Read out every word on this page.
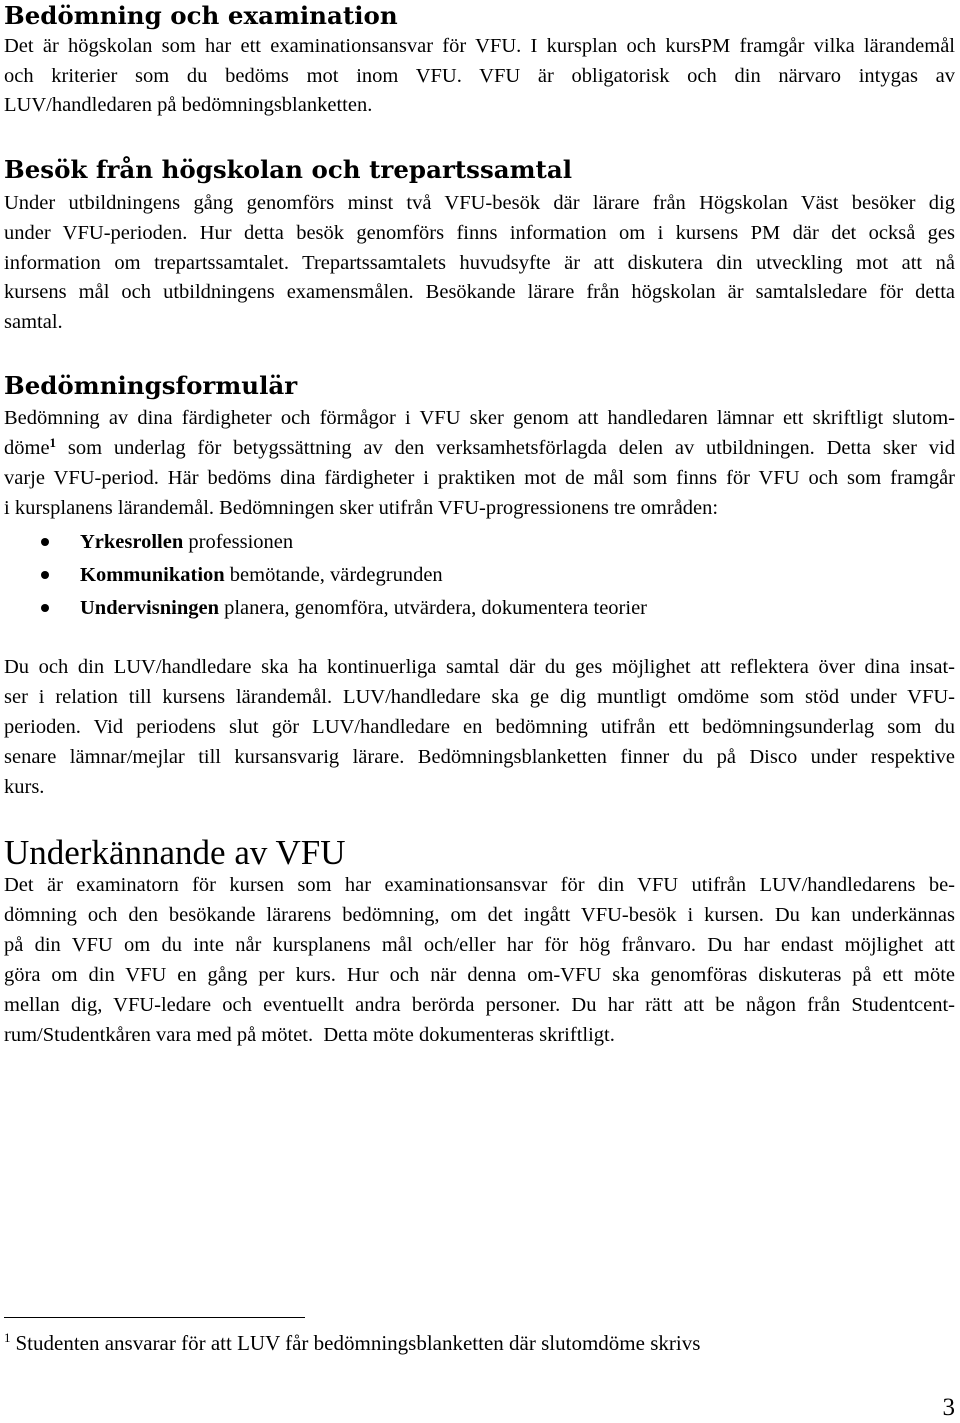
Bedömning och examination
Det är högskolan som har ett examinationsansvar för VFU. I kursplan och kursPM framgår vilka lärandemål
och kriterier som du bedöms mot inom VFU. VFU är obligatorisk och din närvaro intygas av
LUV/handledaren på bedömningsblanketten.
Besök från högskolan och trepartssamtal
Under utbildningens gång genomförs minst två VFU-besök där lärare från Högskolan Väst besöker dig
under VFU-perioden. Hur detta besök genomförs finns information om i kursens PM där det också ges
information om trepartssamtalet. Trepartssamtalets huvudsyfte är att diskutera din utveckling mot att nå
kursens mål och utbildningens examensmålen. Besökande lärare från högskolan är samtalsledare för detta
samtal.
Bedömningsformulär
Bedömning av dina färdigheter och förmågor i VFU sker genom att handledaren lämnar ett skriftligt slutom-
döme$^1$ som underlag för betygssättning av den verksamhetsförlagda delen av utbildningen. Detta sker vid
varje VFU-period. Här bedöms dina färdigheter i praktiken mot de mål som finns för VFU och som framgår
i kursplanens lärandemål. Bedömningen sker utifrån VFU-progressionens tre områden:
Yrkesrollen professionen
Kommunikation bemötande, värdegrunden
Undervisningen planera, genomföra, utvärdera, dokumentera teorier
Du och din LUV/handledare ska ha kontinuerliga samtal där du ges möjlighet att reflektera över dina insat-
ser i relation till kursens lärandemål. LUV/handledare ska ge dig muntligt omdöme som stöd under VFU-
perioden. Vid periodens slut gör LUV/handledare en bedömning utifrån ett bedömningsunderlag som du
senare lämnar/mejlar till kursansvarig lärare. Bedömningsblanketten finner du på Disco under respektive
kurs.
Underkännande av VFU
Det är examinatorn för kursen som har examinationsansvar för din VFU utifrån LUV/handledarens be-
dömning och den besökande lärarens bedömning, om det ingått VFU-besök i kursen. Du kan underkännas
på din VFU om du inte når kursplanens mål och/eller har för hög frånvaro. Du har endast möjlighet att
göra om din VFU en gång per kurs. Hur och när denna om-VFU ska genomföras diskuteras på ett möte
mellan dig, VFU-ledare och eventuellt andra berörda personer. Du har rätt att be någon från Studentcent-
rum/Studentkåren vara med på mötet.  Detta möte dokumenteras skriftligt.
$^1$ Studenten ansvarar för att LUV får bedömningsblanketten där slutomdöme skrivs
3
